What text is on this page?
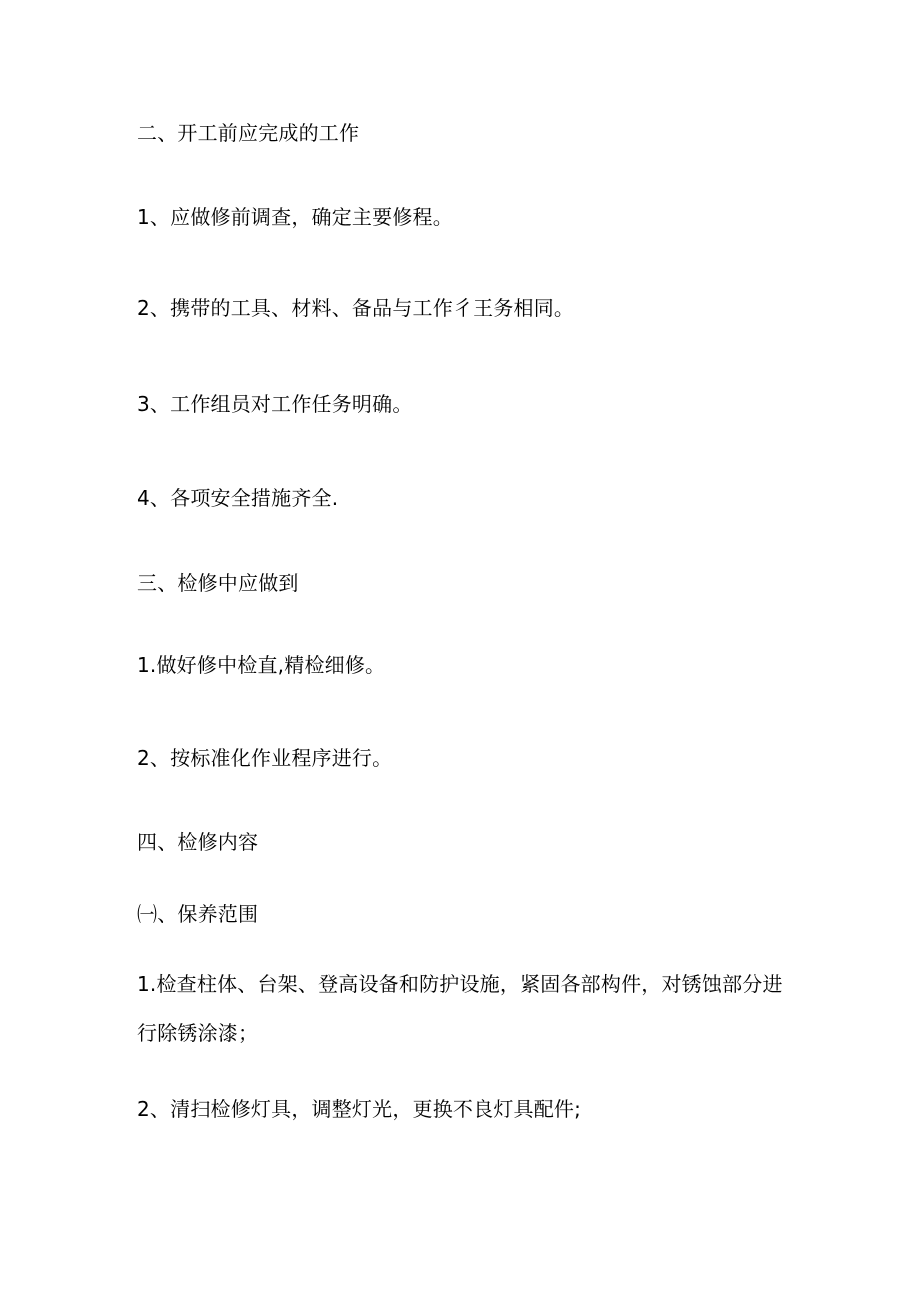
二、开工前应完成的工作
1、应做修前调查，确定主要修程。
2、携带的工具、材料、备品与工作彳王务相同。
3、工作组员对工作任务明确。
4、各项安全措施齐全.
三、检修中应做到
1.做好修中检直,精检细修。
2、按标准化作业程序进行。
四、检修内容
㈠、保养范围
1.检查柱体、台架、登高设备和防护设施，紧固各部构件，对锈蚀部分进
行除锈涂漆；
2、清扫检修灯具，调整灯光，更换不良灯具配件;
